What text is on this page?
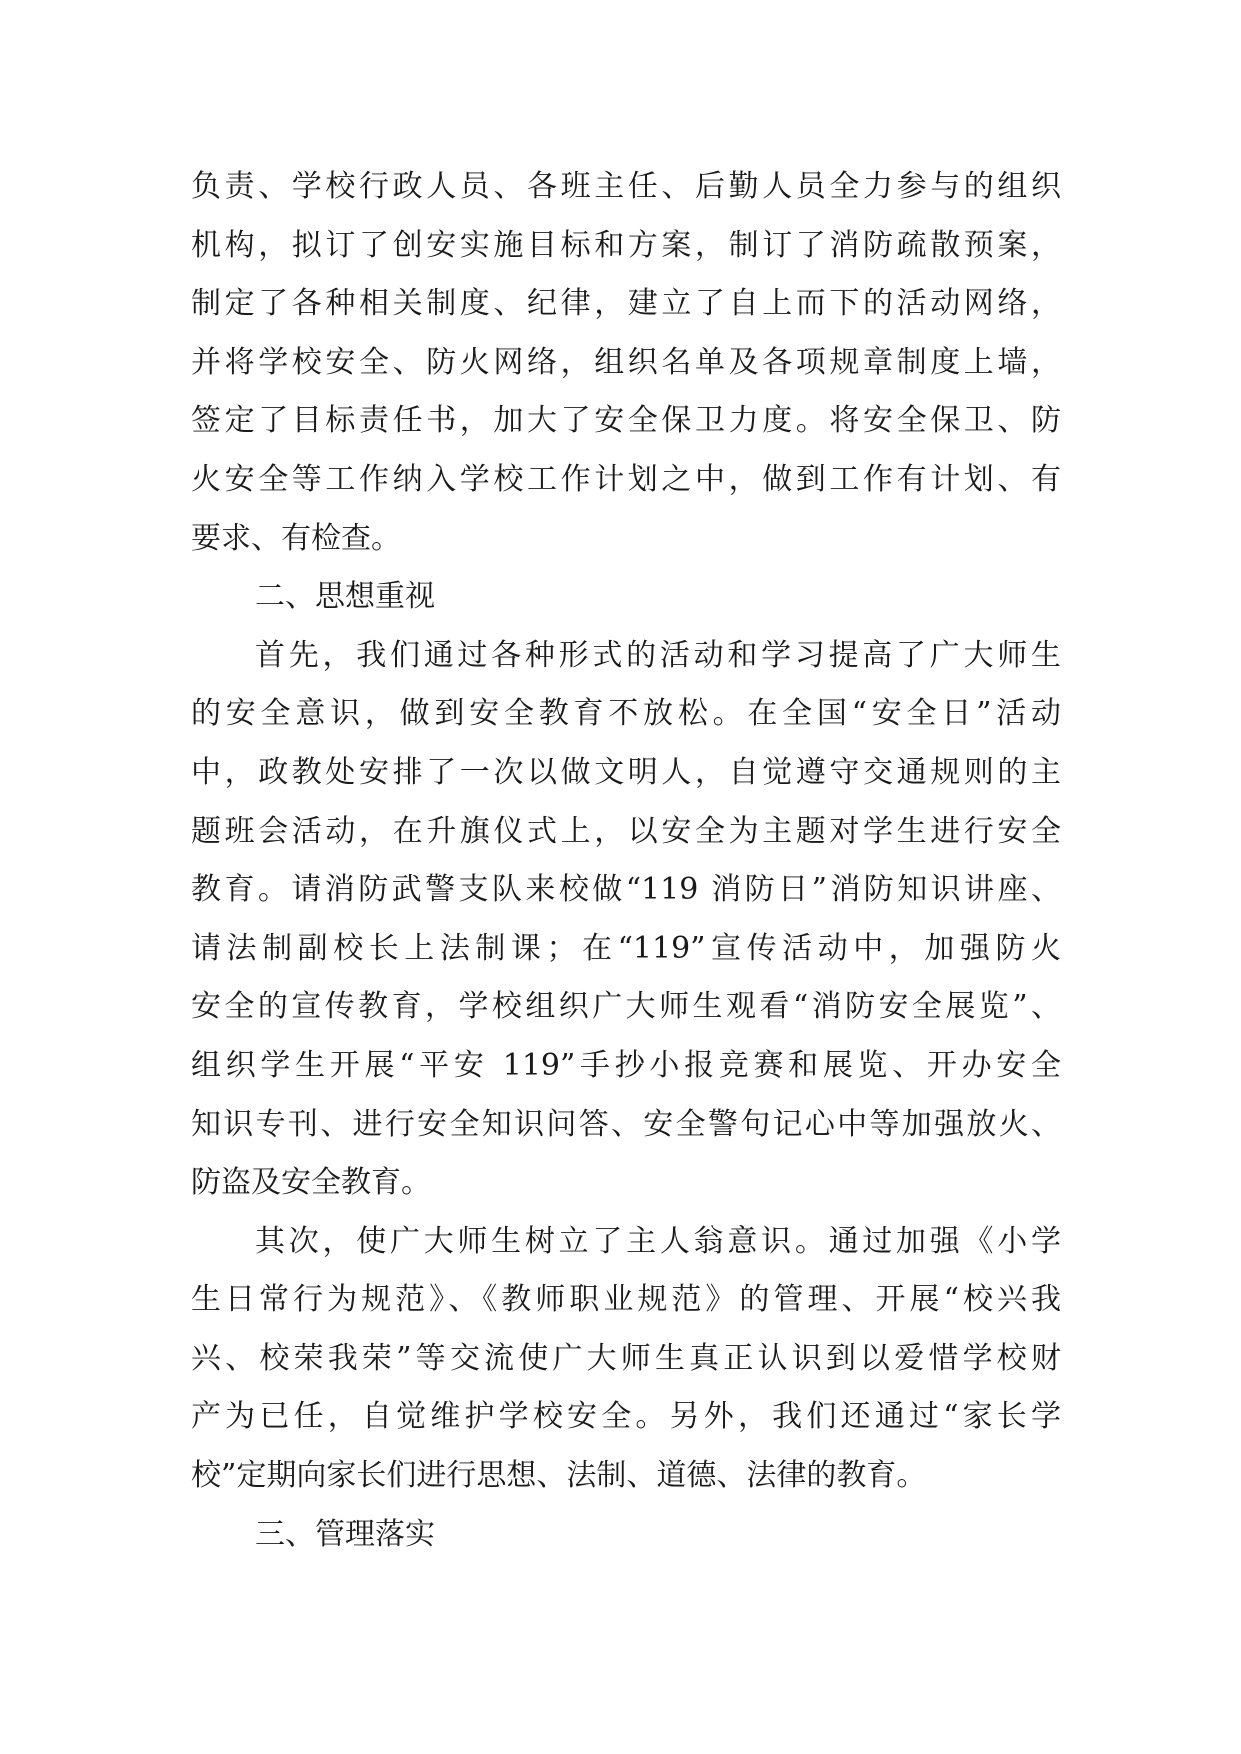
负责、学校行政人员、各班主任、后勤人员全力参与的组织
机构，拟订了创安实施目标和方案，制订了消防疏散预案，
制定了各种相关制度、纪律，建立了自上而下的活动网络，
并将学校安全、防火网络，组织名单及各项规章制度上墙，
签定了目标责任书，加大了安全保卫力度。将安全保卫、防
火安全等工作纳入学校工作计划之中，做到工作有计划、有
要求、有检查。
二、思想重视
首先，我们通过各种形式的活动和学习提高了广大师生
的安全意识，做到安全教育不放松。在全国“安全日”活动
中，政教处安排了一次以做文明人，自觉遵守交通规则的主
题班会活动，在升旗仪式上，以安全为主题对学生进行安全
教育。请消防武警支队来校做“119 消防日”消防知识讲座、
请法制副校长上法制课；在“119”宣传活动中，加强防火
安全的宣传教育，学校组织广大师生观看“消防安全展览”、
组织学生开展“平安 119”手抄小报竞赛和展览、开办安全
知识专刊、进行安全知识问答、安全警句记心中等加强放火、
防盗及安全教育。
其次，使广大师生树立了主人翁意识。通过加强《小学
生日常行为规范》、《教师职业规范》的管理、开展“校兴我
兴、校荣我荣”等交流使广大师生真正认识到以爱惜学校财
产为已任，自觉维护学校安全。另外，我们还通过“家长学
校”定期向家长们进行思想、法制、道德、法律的教育。
三、管理落实
